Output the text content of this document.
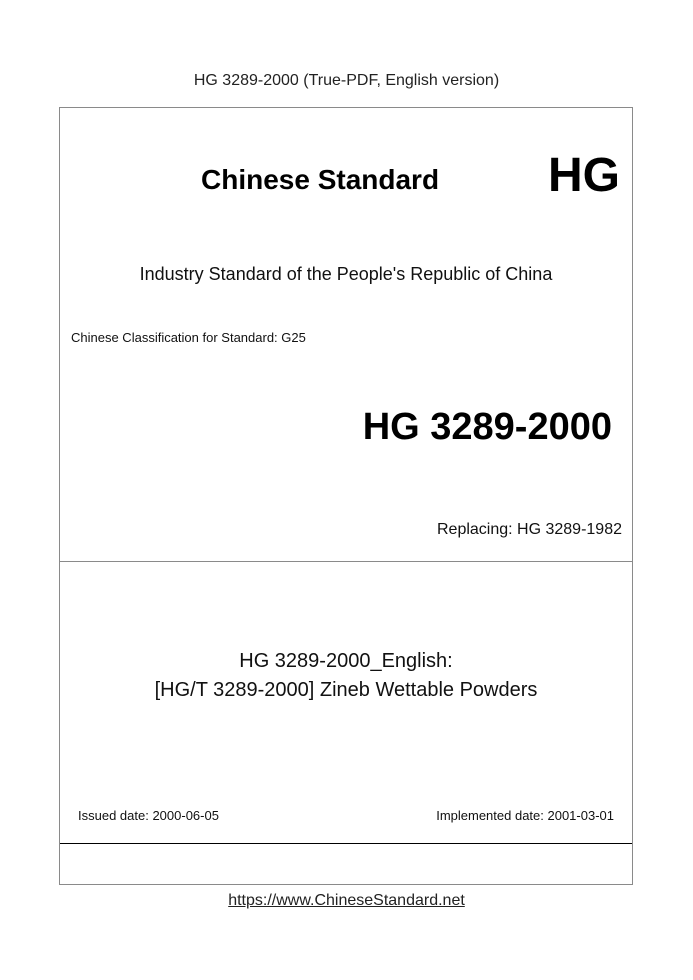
HG 3289-2000 (True-PDF, English version)
Chinese Standard HG
Industry Standard of the People's Republic of China
Chinese Classification for Standard: G25
HG 3289-2000
Replacing: HG 3289-1982
HG 3289-2000_English:
[HG/T 3289-2000] Zineb Wettable Powders
Issued date: 2000-06-05	Implemented date: 2001-03-01
https://www.ChineseStandard.net
